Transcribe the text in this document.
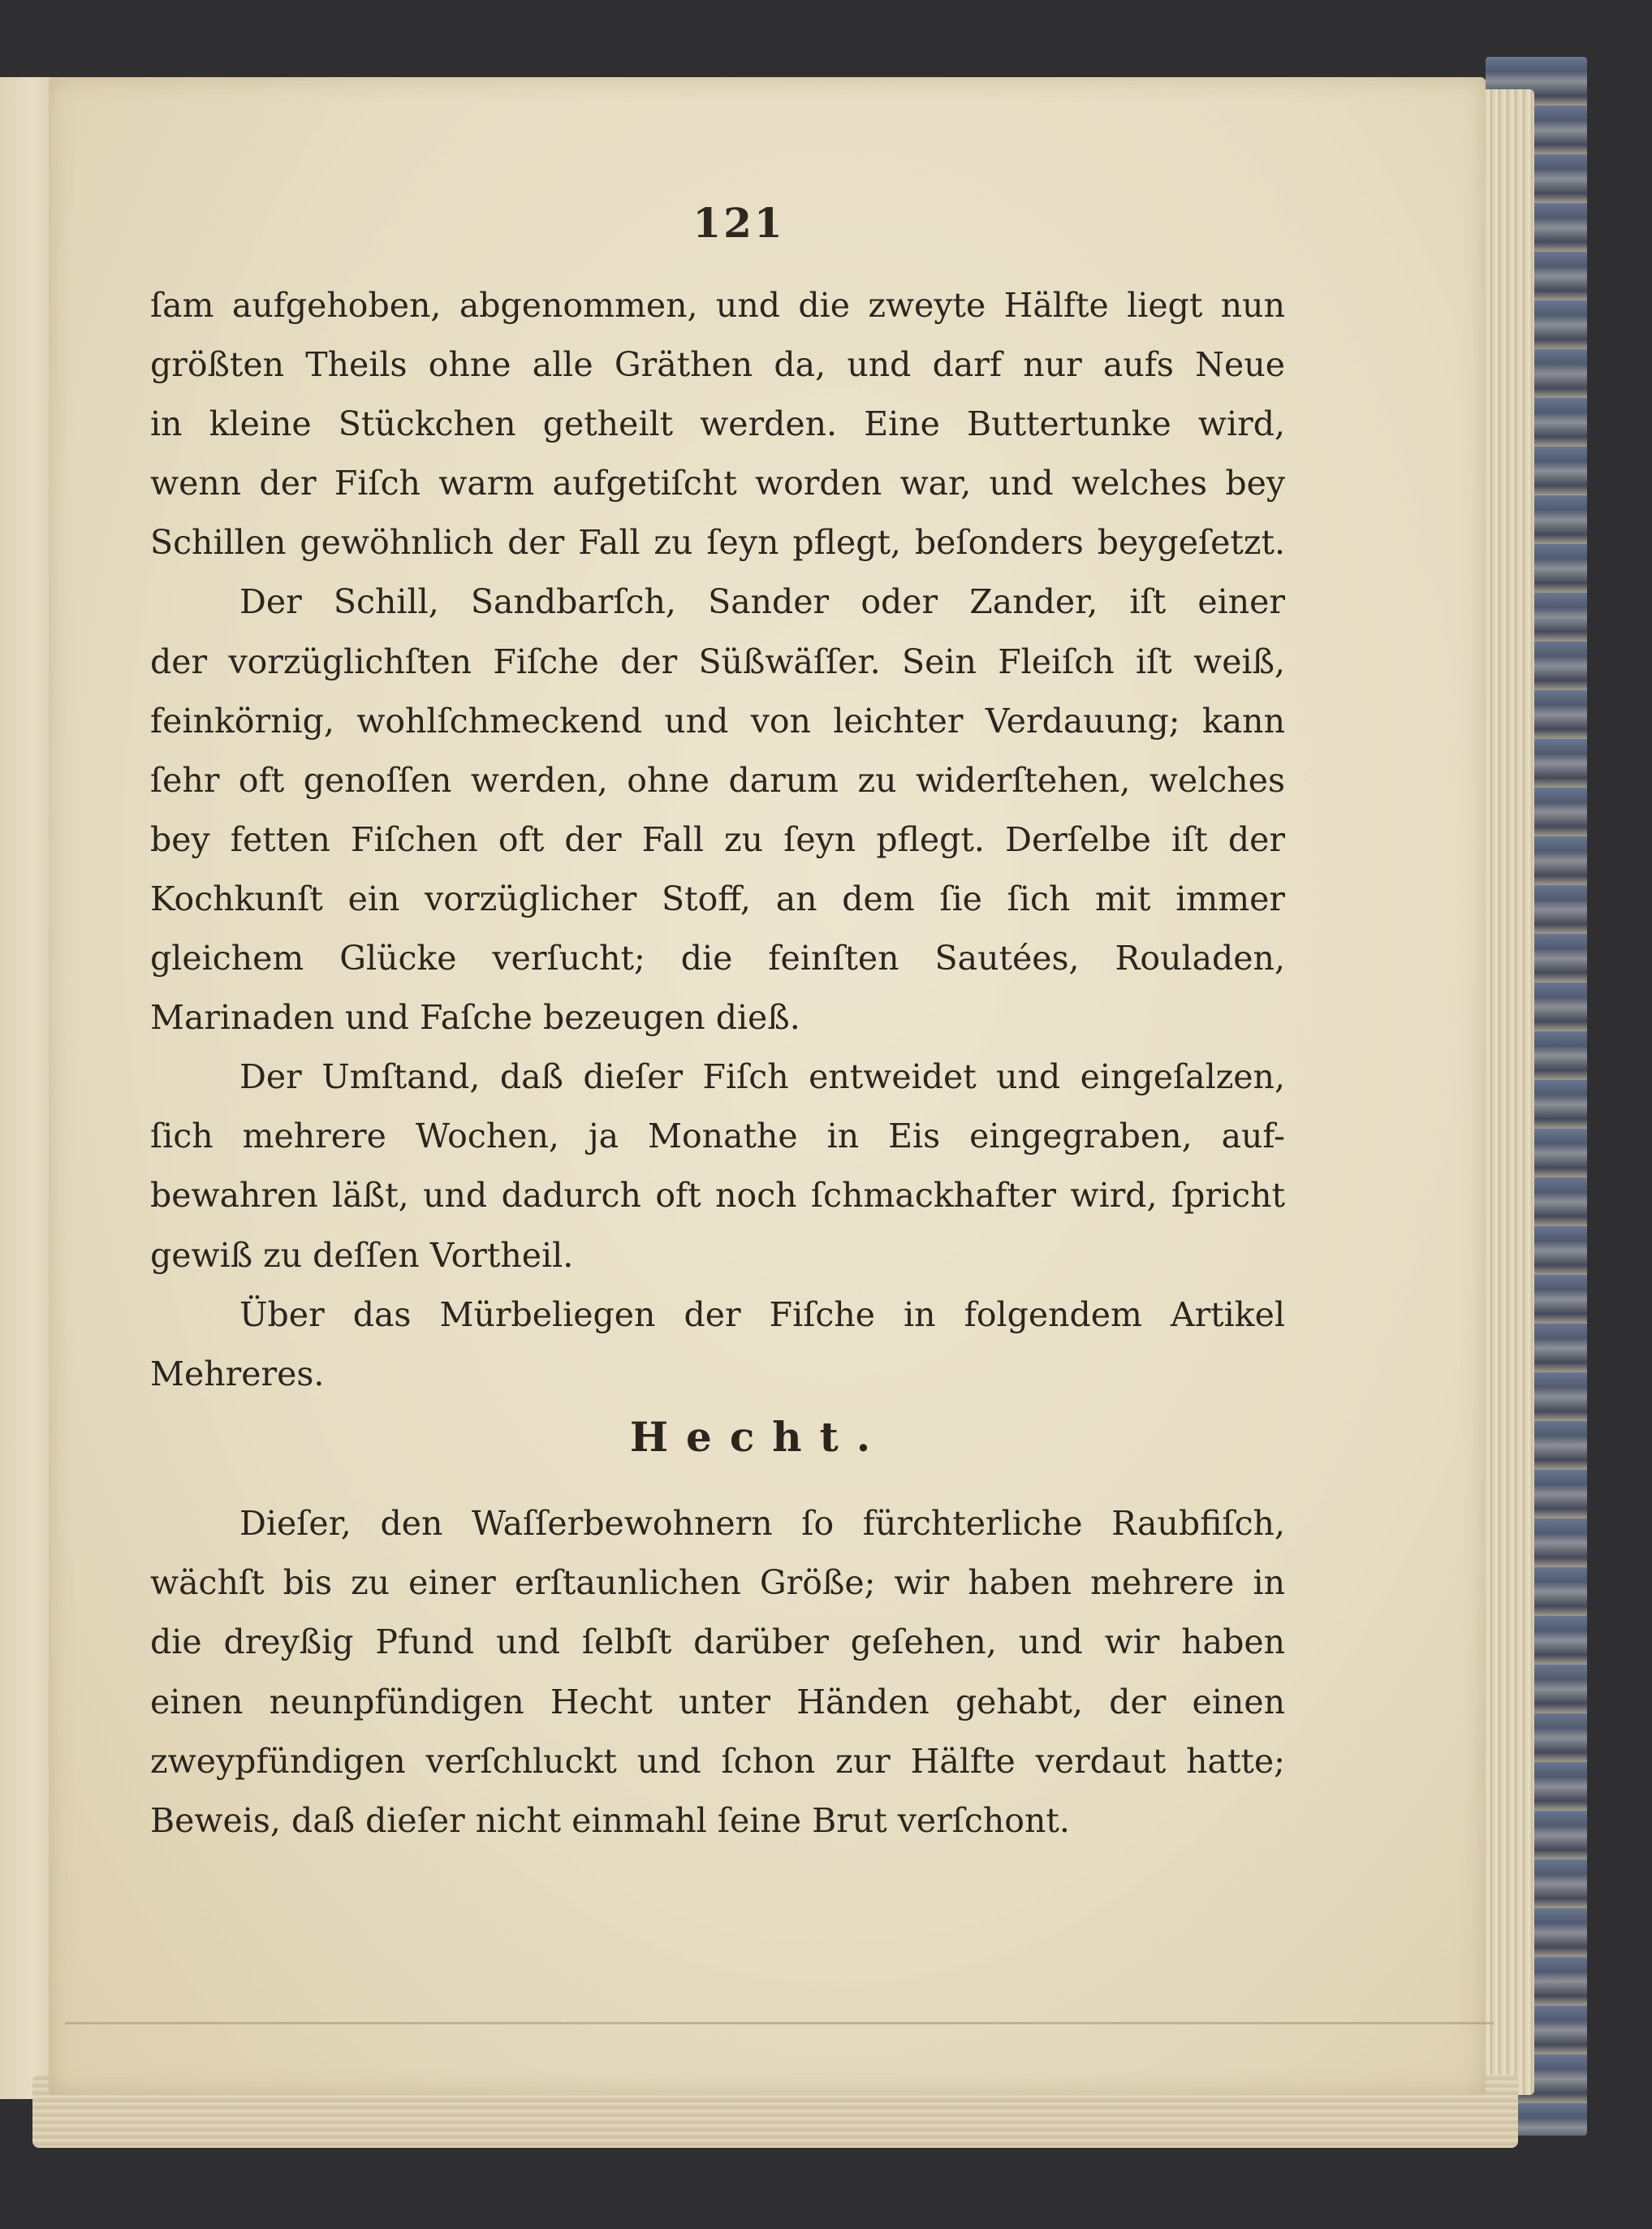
121
ſam aufgehoben, abgenommen, und die zweyte Hälfte liegt nun
größten Theils ohne alle Gräthen da, und darf nur aufs Neue
in kleine Stückchen getheilt werden. Eine Buttertunke wird,
wenn der Fiſch warm aufgetiſcht worden war, und welches bey
Schillen gewöhnlich der Fall zu ſeyn pflegt, beſonders beygeſetzt.
Der Schill, Sandbarſch, Sander oder Zander, iſt einer
der vorzüglichſten Fiſche der Süßwäſſer. Sein Fleiſch iſt weiß,
feinkörnig, wohlſchmeckend und von leichter Verdauung; kann
ſehr oft genoſſen werden, ohne darum zu widerſtehen, welches
bey fetten Fiſchen oft der Fall zu ſeyn pflegt. Derſelbe iſt der
Kochkunſt ein vorzüglicher Stoff, an dem ſie ſich mit immer
gleichem Glücke verſucht; die feinſten Sautées, Rouladen,
Marinaden und Faſche bezeugen dieß.
Der Umſtand, daß dieſer Fiſch entweidet und eingeſalzen,
ſich mehrere Wochen, ja Monathe in Eis eingegraben, auf-
bewahren läßt, und dadurch oft noch ſchmackhafter wird, ſpricht
gewiß zu deſſen Vortheil.
Über das Mürbeliegen der Fiſche in folgendem Artikel
Mehreres.
Hecht.
Dieſer, den Waſſerbewohnern ſo fürchterliche Raubfiſch,
wächſt bis zu einer erſtaunlichen Größe; wir haben mehrere in
die dreyßig Pfund und ſelbſt darüber geſehen, und wir haben
einen neunpfündigen Hecht unter Händen gehabt, der einen
zweypfündigen verſchluckt und ſchon zur Hälfte verdaut hatte;
Beweis, daß dieſer nicht einmahl ſeine Brut verſchont.
